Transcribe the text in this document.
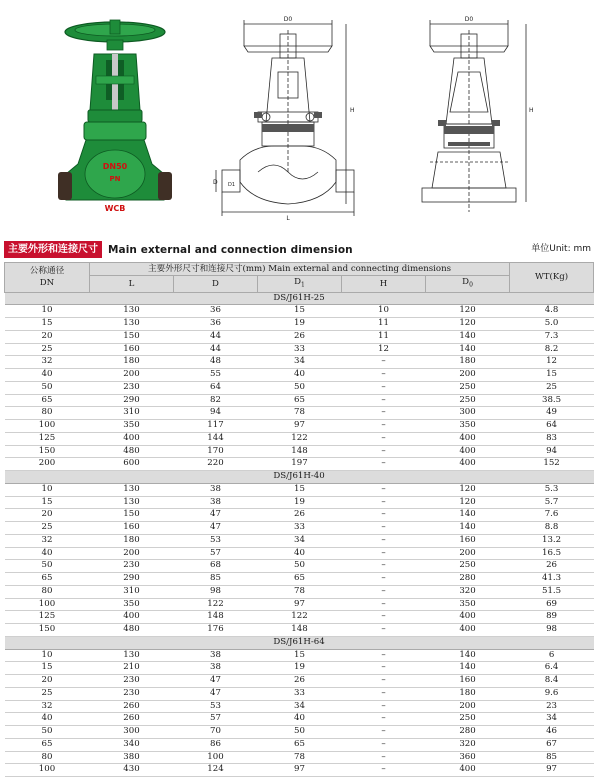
DN50
PN
WCB
D0
H
L
D D1
D0
H
主要外形和连接尺寸 Main external and connection dimension	单位Unit: mm
公称通径
DN	主要外形尺寸和连接尺寸(mm) Main external and connecting dimensions					WT(Kg)
	L	D	$D_1$	H	$D_0$
DS/J61H-25						
10	130	36	15	10	120	4.8
15	130	36	19	11	120	5.0
20	150	44	26	11	140	7.3
25	160	44	33	12	140	8.2
32	180	48	34	–	180	12
40	200	55	40	–	200	15
50	230	64	50	–	250	25
65	290	82	65	–	250	38.5
80	310	94	78	–	300	49
100	350	117	97	–	350	64
125	400	144	122	–	400	83
150	480	170	148	–	400	94
200	600	220	197	–	400	152
DS/J61H-40						
10	130	38	15	–	120	5.3
15	130	38	19	–	120	5.7
20	150	47	26	–	140	7.6
25	160	47	33	–	140	8.8
32	180	53	34	–	160	13.2
40	200	57	40	–	200	16.5
50	230	68	50	–	250	26
65	290	85	65	–	280	41.3
80	310	98	78	–	320	51.5
100	350	122	97	–	350	69
125	400	148	122	–	400	89
150	480	176	148	–	400	98
DS/J61H-64						
10	130	38	15	–	140	6
15	210	38	19	–	140	6.4
20	230	47	26	–	160	8.4
25	230	47	33	–	180	9.6
32	260	53	34	–	200	23
40	260	57	40	–	250	34
50	300	70	50	–	280	46
65	340	86	65	–	320	67
80	380	100	78	–	360	85
100	430	124	97	–	400	97
